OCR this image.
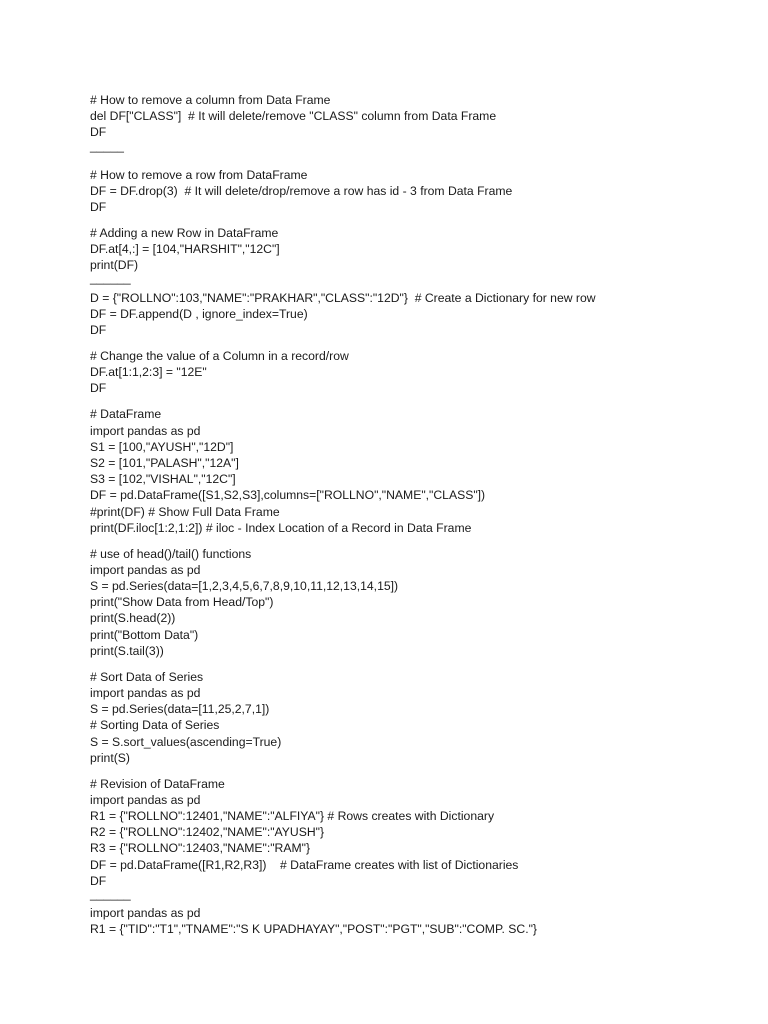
# How to remove a column from Data Frame
del DF["CLASS"]  # It will delete/remove "CLASS" column from Data Frame
DF
_____
# How to remove a row from DataFrame
DF = DF.drop(3)  # It will delete/drop/remove a row has id - 3 from Data Frame
DF
# Adding a new Row in DataFrame
DF.at[4,:] = [104,"HARSHIT","12C"]
print(DF)
______
D = {"ROLLNO":103,"NAME":"PRAKHAR","CLASS":"12D"}  # Create a Dictionary for new row
DF = DF.append(D , ignore_index=True)
DF
# Change the value of a Column in a record/row
DF.at[1:1,2:3] = "12E"
DF
# DataFrame
import pandas as pd
S1 = [100,"AYUSH","12D"]
S2 = [101,"PALASH","12A"]
S3 = [102,"VISHAL","12C"]
DF = pd.DataFrame([S1,S2,S3],columns=["ROLLNO","NAME","CLASS"])
#print(DF) # Show Full Data Frame
print(DF.iloc[1:2,1:2]) # iloc - Index Location of a Record in Data Frame
# use of head()/tail() functions
import pandas as pd
S = pd.Series(data=[1,2,3,4,5,6,7,8,9,10,11,12,13,14,15])
print("Show Data from Head/Top")
print(S.head(2))
print("Bottom Data")
print(S.tail(3))
# Sort Data of Series
import pandas as pd
S = pd.Series(data=[11,25,2,7,1])
# Sorting Data of Series
S = S.sort_values(ascending=True)
print(S)
# Revision of DataFrame
import pandas as pd
R1 = {"ROLLNO":12401,"NAME":"ALFIYA"} # Rows creates with Dictionary
R2 = {"ROLLNO":12402,"NAME":"AYUSH"}
R3 = {"ROLLNO":12403,"NAME":"RAM"}
DF = pd.DataFrame([R1,R2,R3])    # DataFrame creates with list of Dictionaries
DF
______
import pandas as pd
R1 = {"TID":"T1","TNAME":"S K UPADHAYAY","POST":"PGT","SUB":"COMP. SC."}
